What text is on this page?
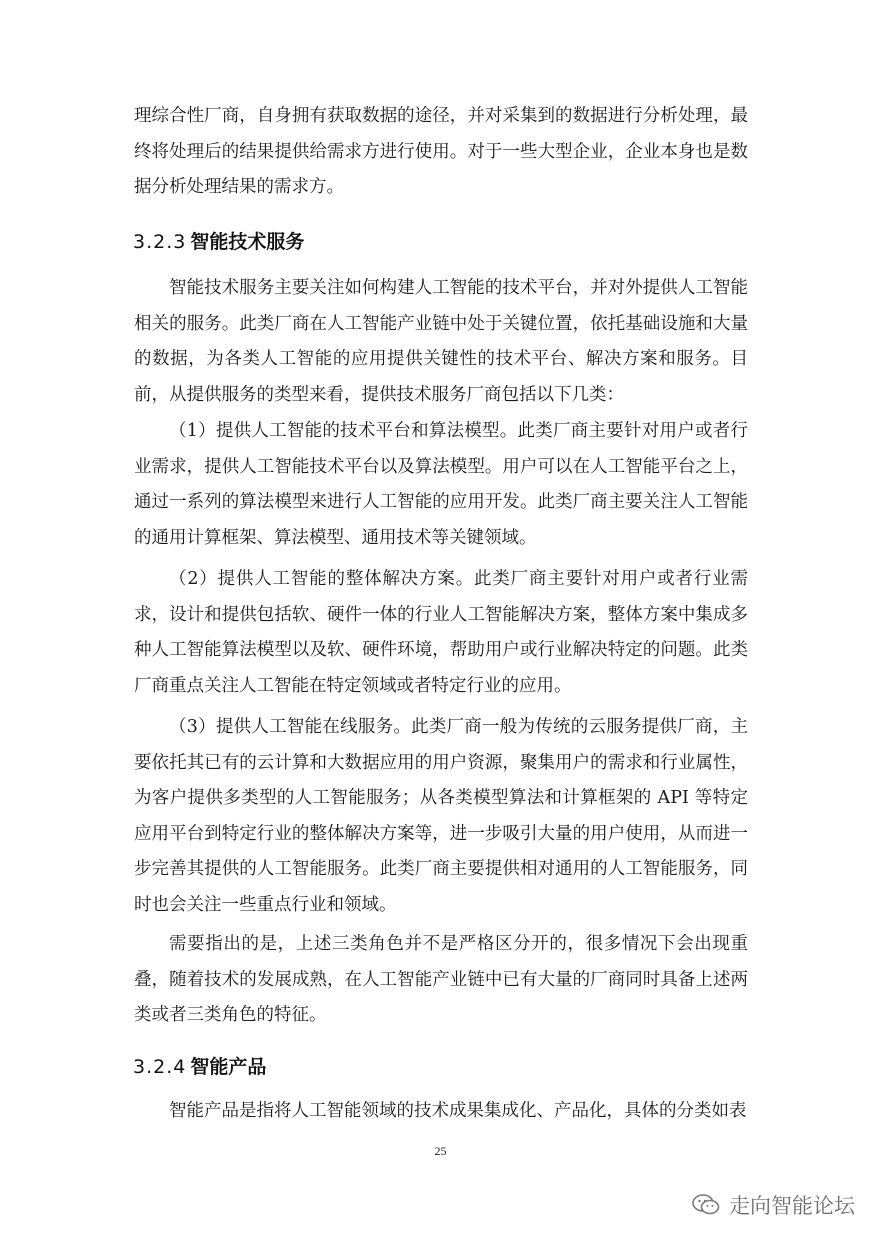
理综合性厂商，自身拥有获取数据的途径，并对采集到的数据进行分析处理，最终将处理后的结果提供给需求方进行使用。对于一些大型企业，企业本身也是数据分析处理结果的需求方。

3.2.3 智能技术服务

智能技术服务主要关注如何构建人工智能的技术平台，并对外提供人工智能相关的服务。此类厂商在人工智能产业链中处于关键位置，依托基础设施和大量的数据，为各类人工智能的应用提供关键性的技术平台、解决方案和服务。目前，从提供服务的类型来看，提供技术服务厂商包括以下几类：

（1）提供人工智能的技术平台和算法模型。此类厂商主要针对用户或者行业需求，提供人工智能技术平台以及算法模型。用户可以在人工智能平台之上，通过一系列的算法模型来进行人工智能的应用开发。此类厂商主要关注人工智能的通用计算框架、算法模型、通用技术等关键领域。

（2）提供人工智能的整体解决方案。此类厂商主要针对用户或者行业需求，设计和提供包括软、硬件一体的行业人工智能解决方案，整体方案中集成多种人工智能算法模型以及软、硬件环境，帮助用户或行业解决特定的问题。此类厂商重点关注人工智能在特定领域或者特定行业的应用。

（3）提供人工智能在线服务。此类厂商一般为传统的云服务提供厂商，主要依托其已有的云计算和大数据应用的用户资源，聚集用户的需求和行业属性，为客户提供多类型的人工智能服务；从各类模型算法和计算框架的 API 等特定应用平台到特定行业的整体解决方案等，进一步吸引大量的用户使用，从而进一步完善其提供的人工智能服务。此类厂商主要提供相对通用的人工智能服务，同时也会关注一些重点行业和领域。

需要指出的是，上述三类角色并不是严格区分开的，很多情况下会出现重叠，随着技术的发展成熟，在人工智能产业链中已有大量的厂商同时具备上述两类或者三类角色的特征。

3.2.4 智能产品

智能产品是指将人工智能领域的技术成果集成化、产品化，具体的分类如表

25
走向智能论坛
